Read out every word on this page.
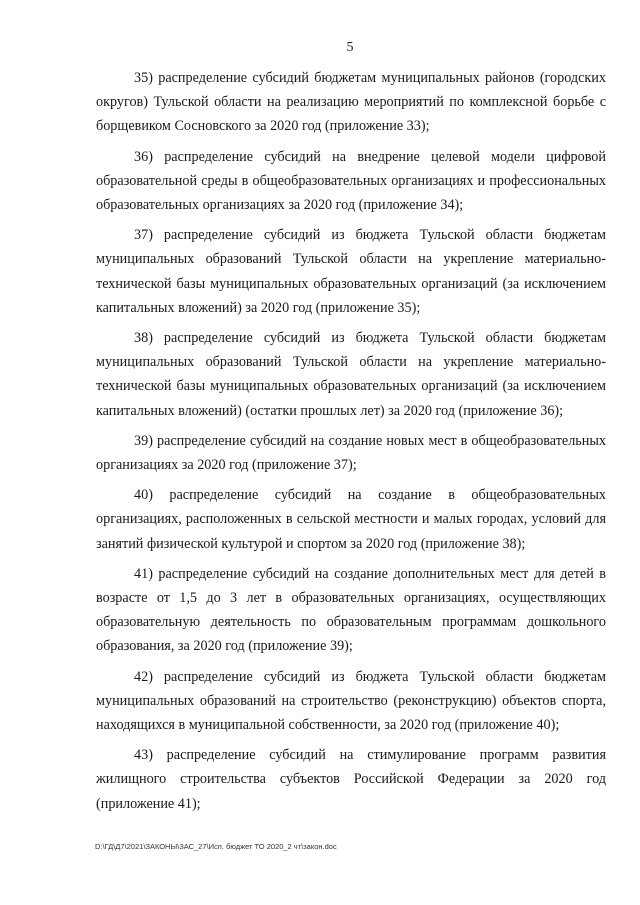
5

35) распределение субсидий бюджетам муниципальных районов (городских округов) Тульской области на реализацию мероприятий по комплексной борьбе с борщевиком Сосновского за 2020 год (приложение 33);

36) распределение субсидий на внедрение целевой модели цифровой образовательной среды в общеобразовательных организациях и профессиональных образовательных организациях за 2020 год (приложение 34);

37) распределение субсидий из бюджета Тульской области бюджетам муниципальных образований Тульской области на укрепление материально-технической базы муниципальных образовательных организаций (за исключением капитальных вложений) за 2020 год (приложение 35);

38) распределение субсидий из бюджета Тульской области бюджетам муниципальных образований Тульской области на укрепление материально-технической базы муниципальных образовательных организаций (за исключением капитальных вложений) (остатки прошлых лет) за 2020 год (приложение 36);

39) распределение субсидий на создание новых мест в общеобразовательных организациях за 2020 год (приложение 37);

40) распределение субсидий на создание в общеобразовательных организациях, расположенных в сельской местности и малых городах, условий для занятий физической культурой и спортом за 2020 год (приложение 38);

41) распределение субсидий на создание дополнительных мест для детей в возрасте от 1,5 до 3 лет в образовательных организациях, осуществляющих образовательную деятельность по образовательным программам дошкольного образования, за 2020 год (приложение 39);

42) распределение субсидий из бюджета Тульской области бюджетам муниципальных образований на строительство (реконструкцию) объектов спорта, находящихся в муниципальной собственности, за 2020 год (приложение 40);

43) распределение субсидий на стимулирование программ развития жилищного строительства субъектов Российской Федерации за 2020 год (приложение 41);

D:\ГД\Д7\2021\ЗАКОНЫ\ЗАС_27\Исп. бюджет ТО 2020_2 чт\закон.doc
